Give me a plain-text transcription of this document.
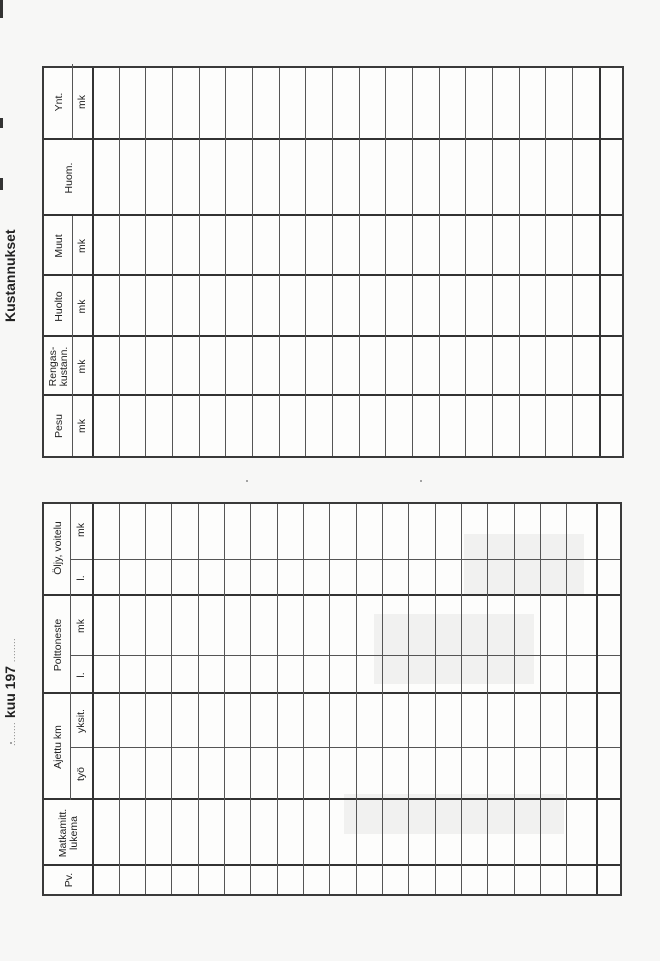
Pesu
Rengas-
kustann.
Huolto
Muut
Huom.
Ynt.
mk
mk
mk
mk
mk
Kustannukset
Pv.
Matkamitt.
lukema
Ajettu km
Polttoneste
Öljy, voitelu
työ
yksit.
l.
mk
l.
mk
........ kuu 197 ........
